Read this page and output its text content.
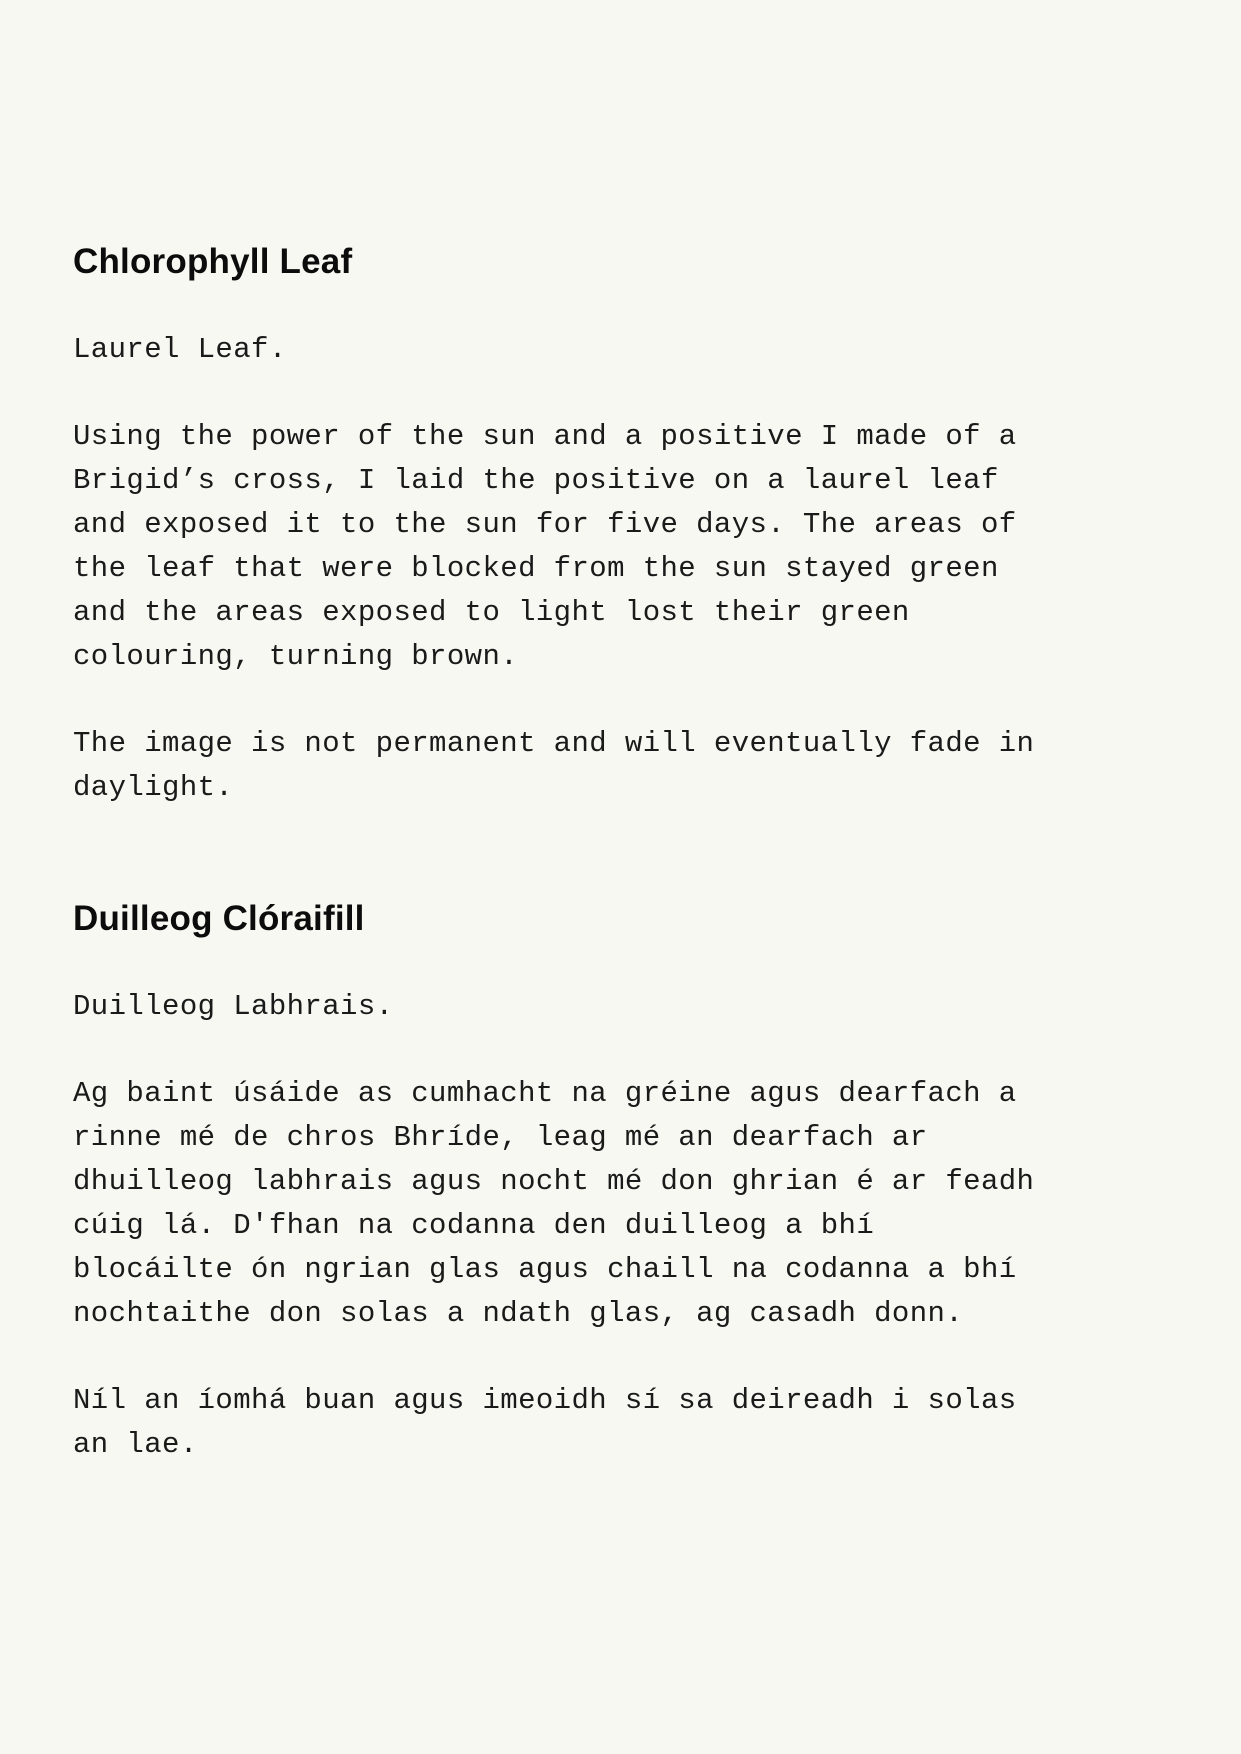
Chlorophyll Leaf

Laurel Leaf.

Using the power of the sun and a positive I made of a
Brigid’s cross, I laid the positive on a laurel leaf
and exposed it to the sun for five days. The areas of
the leaf that were blocked from the sun stayed green
and the areas exposed to light lost their green
colouring, turning brown.
The image is not permanent and will eventually fade in
daylight.
Duilleog Clóraifill

Duilleog Labhrais.

Ag baint úsáide as cumhacht na gréine agus dearfach a
rinne mé de chros Bhríde, leag mé an dearfach ar
dhuilleog labhrais agus nocht mé don ghrian é ar feadh
cúig lá. D'fhan na codanna den duilleog a bhí
blocáilte ón ngrian glas agus chaill na codanna a bhí
nochtaithe don solas a ndath glas, ag casadh donn.
Níl an íomhá buan agus imeoidh sí sa deireadh i solas
an lae.
